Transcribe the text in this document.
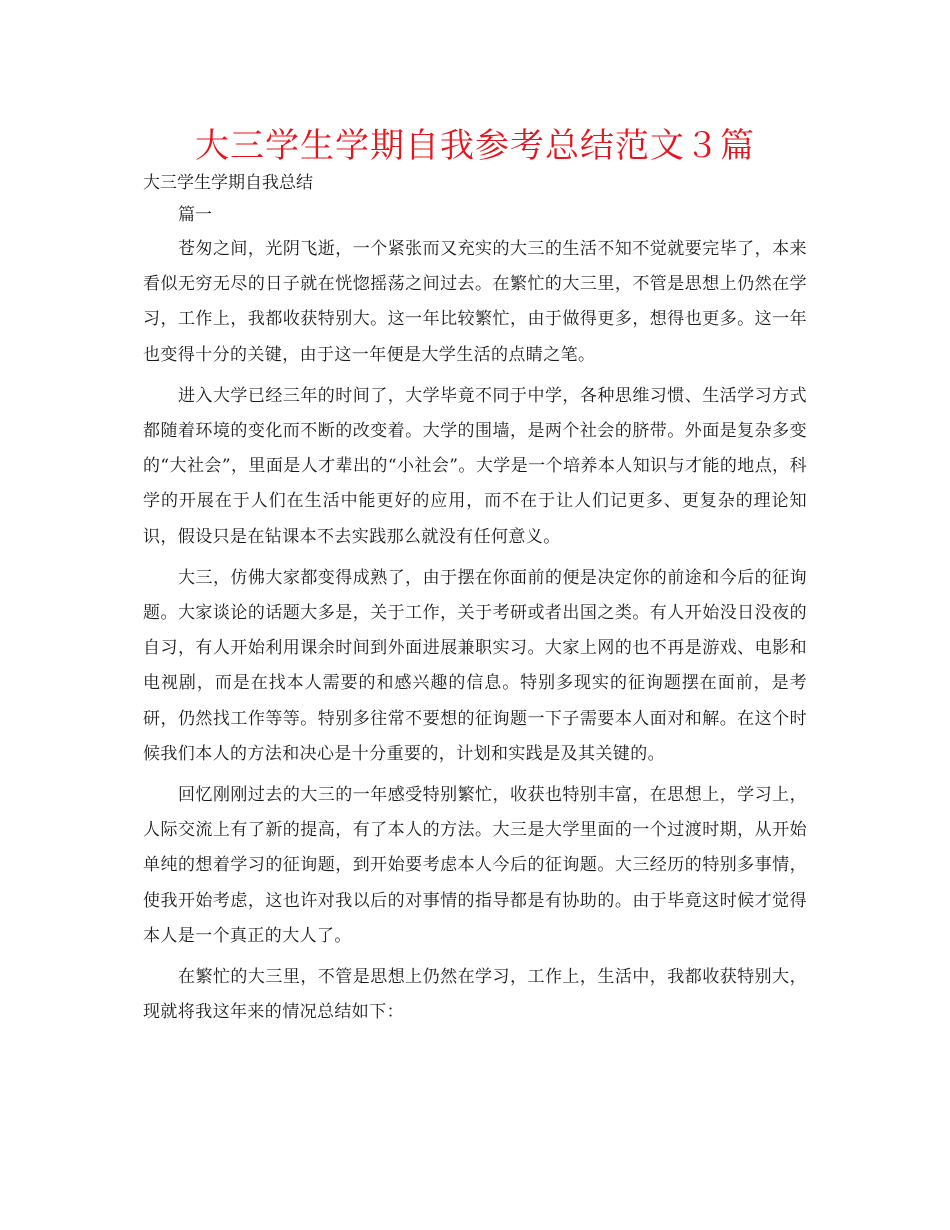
大三学生学期自我参考总结范文３篇
大三学生学期自我总结
篇一

苍匆之间，光阴飞逝，一个紧张而又充实的大三的生活不知不觉就要完毕了，本来看似无穷无尽的日子就在恍惚摇荡之间过去。在繁忙的大三里，不管是思想上仍然在学习，工作上，我都收获特别大。这一年比较繁忙，由于做得更多，想得也更多。这一年也变得十分的关键，由于这一年便是大学生活的点睛之笔。

进入大学已经三年的时间了，大学毕竟不同于中学，各种思维习惯、生活学习方式都随着环境的变化而不断的改变着。大学的围墙，是两个社会的脐带。外面是复杂多变的“大社会”，里面是人才辈出的“小社会”。大学是一个培养本人知识与才能的地点，科学的开展在于人们在生活中能更好的应用，而不在于让人们记更多、更复杂的理论知识，假设只是在钻课本不去实践那么就没有任何意义。

大三，仿佛大家都变得成熟了，由于摆在你面前的便是决定你的前途和今后的征询题。大家谈论的话题大多是，关于工作，关于考研或者出国之类。有人开始没日没夜的自习，有人开始利用课余时间到外面进展兼职实习。大家上网的也不再是游戏、电影和电视剧，而是在找本人需要的和感兴趣的信息。特别多现实的征询题摆在面前，是考研，仍然找工作等等。特别多往常不要想的征询题一下子需要本人面对和解。在这个时候我们本人的方法和决心是十分重要的，计划和实践是及其关键的。

回忆刚刚过去的大三的一年感受特别繁忙，收获也特别丰富，在思想上，学习上，人际交流上有了新的提高，有了本人的方法。大三是大学里面的一个过渡时期，从开始单纯的想着学习的征询题，到开始要考虑本人今后的征询题。大三经历的特别多事情，使我开始考虑，这也许对我以后的对事情的指导都是有协助的。由于毕竟这时候才觉得本人是一个真正的大人了。

在繁忙的大三里，不管是思想上仍然在学习，工作上，生活中，我都收获特别大，现就将我这年来的情况总结如下：
